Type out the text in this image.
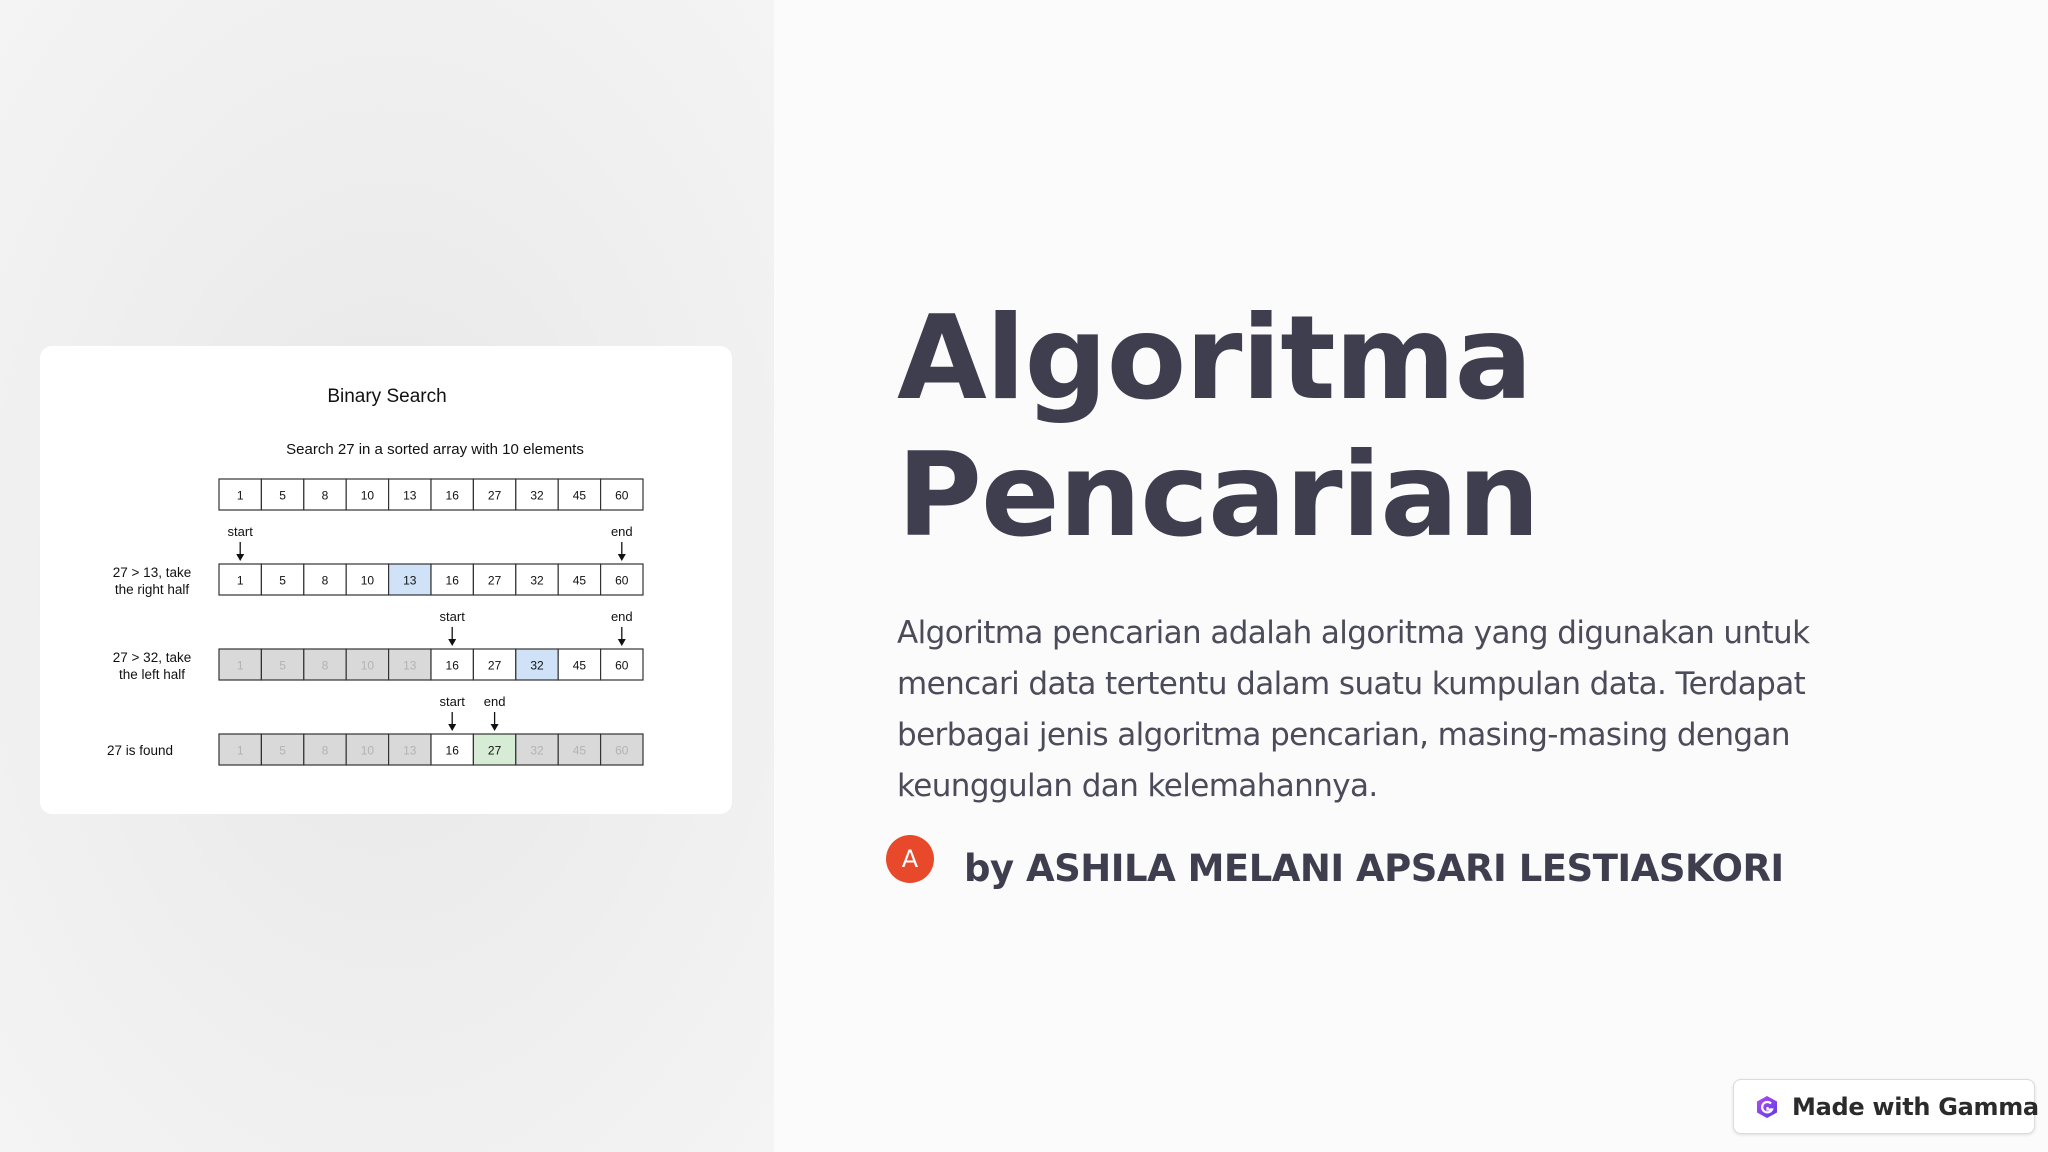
Binary Search
Search 27 in a sorted array with 10 elements
1	5	8	10 13 16 27 32 45 60
27 > 13, take
the right half
1	5	8	10 13 16 27 32 45 60
start	end
27 > 32, take
the left half
1	5	8	10 13 16 27 32 45 60
start	end
27 is found	1	5	8	10 13 16 27 32 45 60
start end
Algoritma
Pencarian

Algoritma pencarian adalah algoritma yang digunakan untuk mencari data tertentu dalam suatu kumpulan data. Terdapat berbagai jenis algoritma pencarian, masing-masing dengan keunggulan dan kelemahannya.

A by ASHILA MELANI APSARI LESTIASKORI
Made with Gamma
